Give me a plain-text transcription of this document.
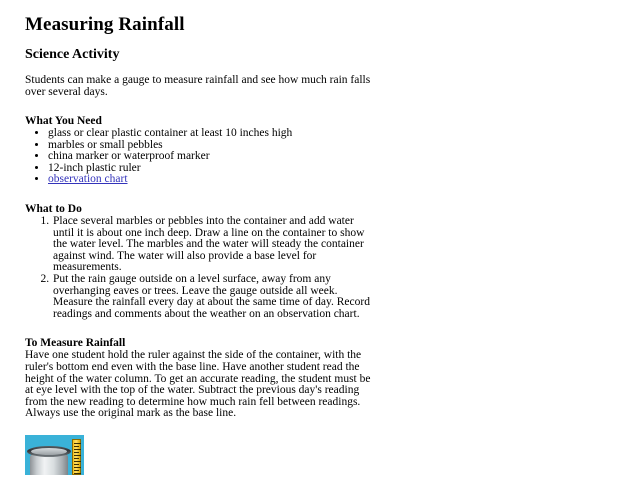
Measuring Rainfall
Science Activity

Students can make a gauge to measure rainfall and see how much rain falls over several days.

What You Need
• glass or clear plastic container at least 10 inches high
• marbles or small pebbles
• china marker or waterproof marker
• 12-inch plastic ruler
• observation chart
What to Do
1. Place several marbles or pebbles into the container and add water until it is about one inch deep. Draw a line on the container to show the water level. The marbles and the water will steady the container against wind. The water will also provide a base level for measurements.
2. Put the rain gauge outside on a level surface, away from any overhanging eaves or trees. Leave the gauge outside all week. Measure the rainfall every day at about the same time of day. Record readings and comments about the weather on an observation chart.
To Measure Rainfall

Have one student hold the ruler against the side of the container, with the ruler's bottom end even with the base line. Have another student read the height of the water column. To get an accurate reading, the student must be at eye level with the top of the water. Subtract the previous day's reading from the new reading to determine how much rain fell between readings. Always use the original mark as the base line.
